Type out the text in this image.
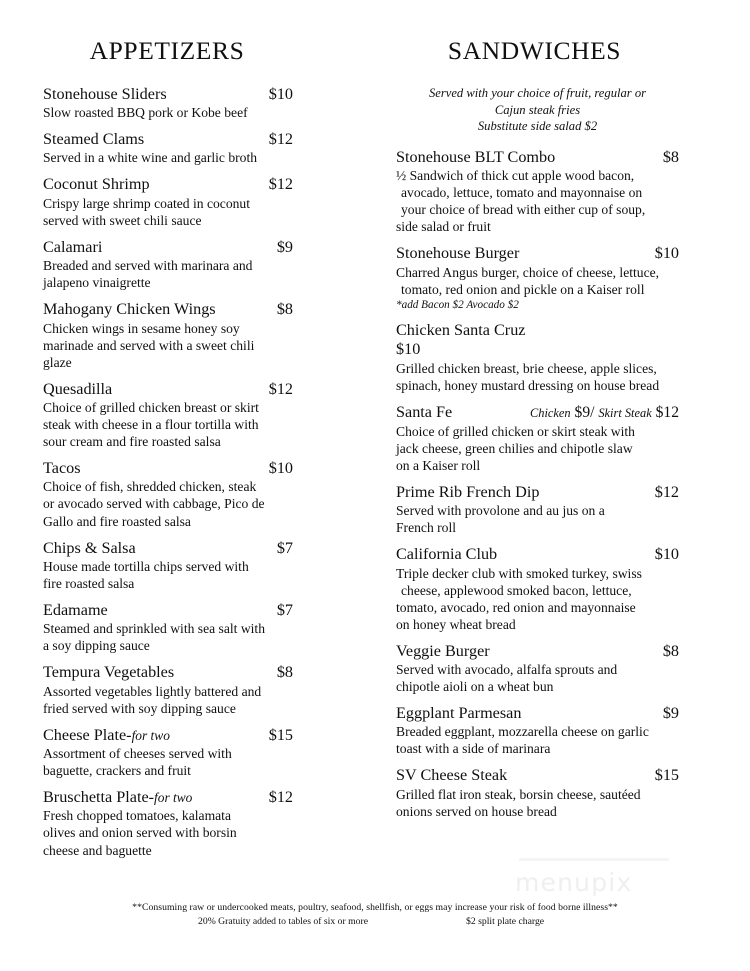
menupix
APPETIZERS
Stonehouse Sliders	$10
Slow roasted BBQ pork or Kobe beef
Steamed Clams	$12
Served in a white wine and garlic broth
Coconut Shrimp	$12
Crispy large shrimp coated in coconut
served with sweet chili sauce
Calamari	$9
Breaded and served with marinara and
jalapeno vinaigrette
Mahogany Chicken Wings	$8
Chicken wings in sesame honey soy
marinade and served with a sweet chili
glaze
Quesadilla	$12
Choice of grilled chicken breast or skirt
steak with cheese in a flour tortilla with
sour cream and fire roasted salsa
Tacos	$10
Choice of fish, shredded chicken, steak
or avocado served with cabbage, Pico de
Gallo and fire roasted salsa
Chips & Salsa	$7
House made tortilla chips served with
fire roasted salsa
Edamame	$7
Steamed and sprinkled with sea salt with
a soy dipping sauce
Tempura Vegetables	$8
Assorted vegetables lightly battered and
fried served with soy dipping sauce
Cheese Plate-for two	$15
Assortment of cheeses served with
baguette, crackers and fruit
Bruschetta Plate-for two	$12
Fresh chopped tomatoes, kalamata
olives and onion served with borsin
cheese and baguette
SANDWICHES
Served with your choice of fruit, regular or
Cajun steak fries
Substitute side salad $2
Stonehouse BLT Combo	$8
½ Sandwich of thick cut apple wood bacon,
avocado, lettuce, tomato and mayonnaise on
your choice of bread with either cup of soup,
side salad or fruit
Stonehouse Burger	$10
Charred Angus burger, choice of cheese, lettuce,
tomato, red onion and pickle on a Kaiser roll
*add Bacon $2 Avocado $2
Chicken Santa Cruz
$10
Grilled chicken breast, brie cheese, apple slices,
spinach, honey mustard dressing on house bread
Santa Fe	Chicken $9/ Skirt Steak $12
Choice of grilled chicken or skirt steak with
jack cheese, green chilies and chipotle slaw
on a Kaiser roll
Prime Rib French Dip	$12
Served with provolone and au jus on a
French roll
California Club	$10
Triple decker club with smoked turkey, swiss
cheese, applewood smoked bacon, lettuce,
tomato, avocado, red onion and mayonnaise
on honey wheat bread
Veggie Burger	$8
Served with avocado, alfalfa sprouts and
chipotle aioli on a wheat bun
Eggplant Parmesan	$9
Breaded eggplant, mozzarella cheese on garlic
toast with a side of marinara
SV Cheese Steak	$15
Grilled flat iron steak, borsin cheese, sautéed
onions served on house bread
**Consuming raw or undercooked meats, poultry, seafood, shellfish, or eggs may increase your risk of food borne illness**
20% Gratuity added to tables of six or more	$2 split plate charge
